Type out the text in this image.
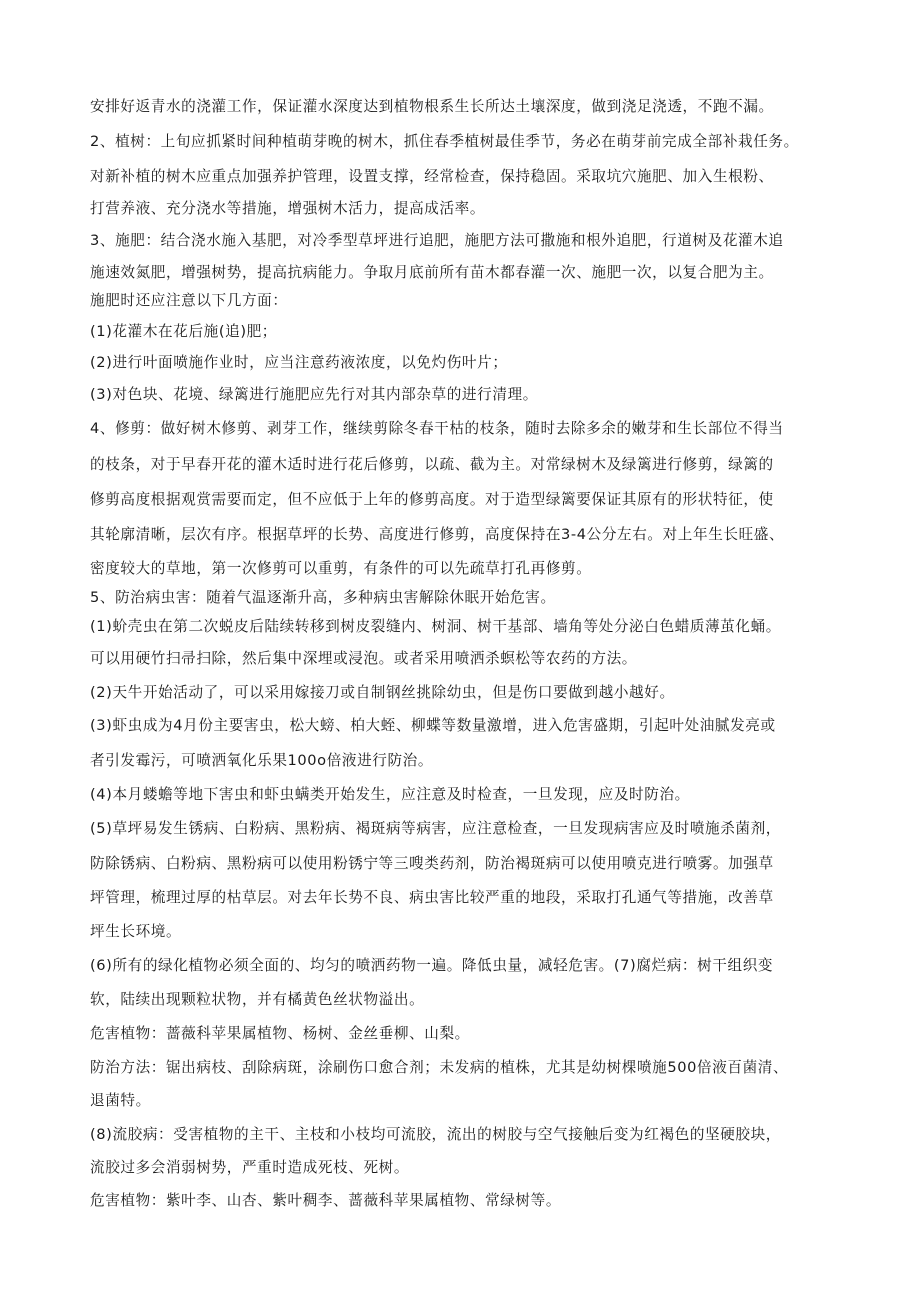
安排好返青水的浇灌工作，保证灌水深度达到植物根系生长所达土壤深度，做到浇足浇透，不跑不漏。
2、植树：上旬应抓紧时间种植萌芽晚的树木，抓住春季植树最佳季节，务必在萌芽前完成全部补栽任务。
对新补植的树木应重点加强养护管理，设置支撑，经常检查，保持稳固。采取坑穴施肥、加入生根粉、
打营养液、充分浇水等措施，增强树木活力，提高成活率。
3、施肥：结合浇水施入基肥，对冷季型草坪进行追肥，施肥方法可撒施和根外追肥，行道树及花灌木追
施速效氮肥，增强树势，提高抗病能力。争取月底前所有苗木都春灌一次、施肥一次，以复合肥为主。
施肥时还应注意以下几方面：
(1)花灌木在花后施(追)肥；
(2)进行叶面喷施作业时，应当注意药液浓度，以免灼伤叶片；
(3)对色块、花境、绿篱进行施肥应先行对其内部杂草的进行清理。
4、修剪：做好树木修剪、剥芽工作，继续剪除冬春干枯的枝条，随时去除多余的嫩芽和生长部位不得当
的枝条，对于早春开花的灌木适时进行花后修剪，以疏、截为主。对常绿树木及绿篱进行修剪，绿篱的
修剪高度根据观赏需要而定，但不应低于上年的修剪高度。对于造型绿篱要保证其原有的形状特征，使
其轮廓清晰，层次有序。根据草坪的长势、高度进行修剪，高度保持在3-4公分左右。对上年生长旺盛、
密度较大的草地，第一次修剪可以重剪，有条件的可以先疏草打孔再修剪。
5、防治病虫害：随着气温逐渐升高，多种病虫害解除休眠开始危害。
(1)蚧壳虫在第二次蜕皮后陆续转移到树皮裂缝内、树洞、树干基部、墙角等处分泌白色蜡质薄茧化蛹。
可以用硬竹扫帚扫除，然后集中深埋或浸泡。或者采用喷洒杀螟松等农药的方法。
(2)天牛开始活动了，可以采用嫁接刀或自制钢丝挑除幼虫，但是伤口要做到越小越好。
(3)虾虫成为4月份主要害虫，松大螃、柏大蛭、柳蝶等数量激增，进入危害盛期，引起叶处油腻发亮或
者引发霉污，可喷洒氧化乐果100o倍液进行防治。
(4)本月蝼蟾等地下害虫和虾虫螨类开始发生，应注意及时检查，一旦发现，应及时防治。
(5)草坪易发生锈病、白粉病、黑粉病、褐斑病等病害，应注意检查，一旦发现病害应及时喷施杀菌剂，
防除锈病、白粉病、黑粉病可以使用粉锈宁等三嗖类药剂，防治褐斑病可以使用喷克进行喷雾。加强草
坪管理，梳理过厚的枯草层。对去年长势不良、病虫害比较严重的地段，采取打孔通气等措施，改善草
坪生长环境。
(6)所有的绿化植物必须全面的、均匀的喷洒药物一遍。降低虫量，减轻危害。(7)腐烂病：树干组织变
软，陆续出现颗粒状物，并有橘黄色丝状物溢出。
危害植物：蔷薇科苹果属植物、杨树、金丝垂柳、山梨。
防治方法：锯出病枝、刮除病斑，涂刷伤口愈合剂；未发病的植株，尤其是幼树棵喷施500倍液百菌清、
退菌特。
(8)流胶病：受害植物的主干、主枝和小枝均可流胶，流出的树胶与空气接触后变为红褐色的坚硬胶块，
流胶过多会消弱树势，严重时造成死枝、死树。
危害植物：紫叶李、山杏、紫叶稠李、蔷薇科苹果属植物、常绿树等。
